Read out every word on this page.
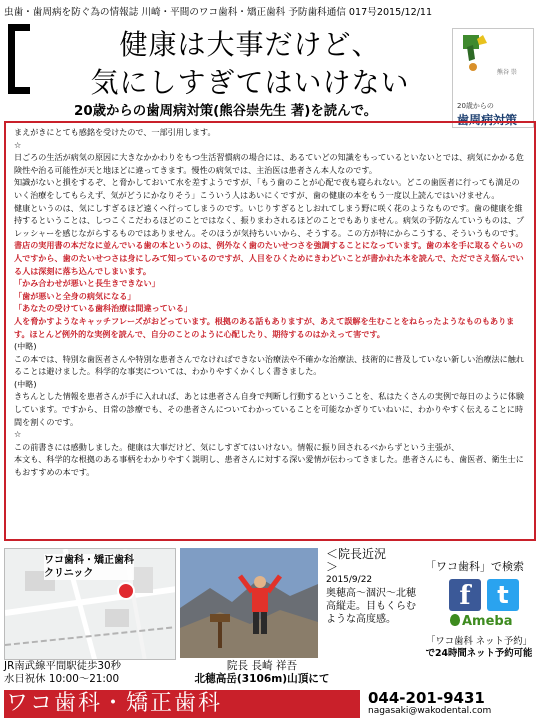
虫歯・歯周病を防ぐ為の情報誌 川崎・平間のワコ歯科・矯正歯科 予防歯科通信 017号2015/12/11
健康は大事だけど、
気にしすぎてはいけない
20歳からの歯周病対策(熊谷崇先生 著)を読んで。
熊谷 崇
20歳からの
歯周病対策

まえがきにとても感銘を受けたので、一部引用します。

☆

日ごろの生活が病気の原因に大きなかかわりをもつ生活習慣病の場合には、あるていどの知識をもっているといないとでは、病気にかかる危険性や治る可能性が天と地ほどに違ってきます。慢性の病気では、主治医は患者さん本人なのです。

知識がないと損をするぞ、と脅かしておいて水を差すようですが、「もう歯のことが心配で夜も寝られない。どこの歯医者に行っても満足のいく治療をしてもらえず、気がどうにかなりそう」こういう人はあいにくですが、歯の健康の本をもう一度以上読んではいけません。

健康というのは、気にしすぎるほど遠くへ行ってしまうのです。いじりすぎるとしおれてしまう野に咲く花のようなものです。歯の健康を維持するということは、しつこくこだわるほどのことではなく、振りまわされるほどのことでもありません。病気の予防なんていうものは、プレッシャーを感じながらするものではありません。そのほうが気持ちいいから、そうする。この方が特にからこうする、そういうものです。

書店の実用書の本だなに並んでいる歯の本というのは、例外なく歯のたいせつさを強調することになっています。歯の本を手に取るぐらいの人ですから、歯のたいせつさは身にしみて知っているのですが、人目をひくためにきわどいことが書かれた本を読んで、ただでさえ悩んでいる人は深刻に落ち込んでしまいます。

「かみ合わせが悪いと長生きできない」

「歯が悪いと全身の病気になる」

「あなたの受けている歯科治療は間違っている」

人を脅かすようなキャッチフレーズがおどっています。根拠のある話もありますが、あえて誤解を生むことをねらったようなものもあります。ほとんど例外的な実例を読んで、自分のことのように心配したり、期待するのはかえって害です。

(中略)

この本では、特別な歯医者さんや特別な患者さんでなければできない治療法や不確かな治療法、技術的に普及していない新しい治療法に触れることは避けました。科学的な事実については、わかりやすくかくしく書きました。

(中略)

きちんとした情報を患者さんが手に入れれば、あとは患者さん自身で判断し行動するということを、私はたくさんの実例で毎日のように体験しています。ですから、日常の診療でも、その患者さんについてわかっていることを可能なかぎりていねいに、わかりやすく伝えることに時間を割くのです。

☆

この前書きには感動しました。健康は大事だけど、気にしすぎてはいけない。情報に振り回されるべからずという主張が、

本文も、科学的な根拠のある事柄をわかりやすく説明し、患者さんに対する深い愛情が伝わってきました。患者さんにも、歯医者、衛生士にもおすすめの本です。

ワコ歯科・矯正歯科
クリニック
＜院長近況
＞
2015/9/22
奥穂高〜涸沢〜北穂高縦走。目もくらむような高度感。
「ワコ歯科」で検索
f	t
Ameba
「ワコ歯科 ネット予約」
で24時間ネット予約可能
JR南武線平間駅徒歩30秒
水日祝休 10:00〜21:00
院長 長崎 祥吾
北穂高岳(3106m)山頂にて
ワコ歯科・矯正歯科	044-201-9431
nagasaki@wakodental.com
